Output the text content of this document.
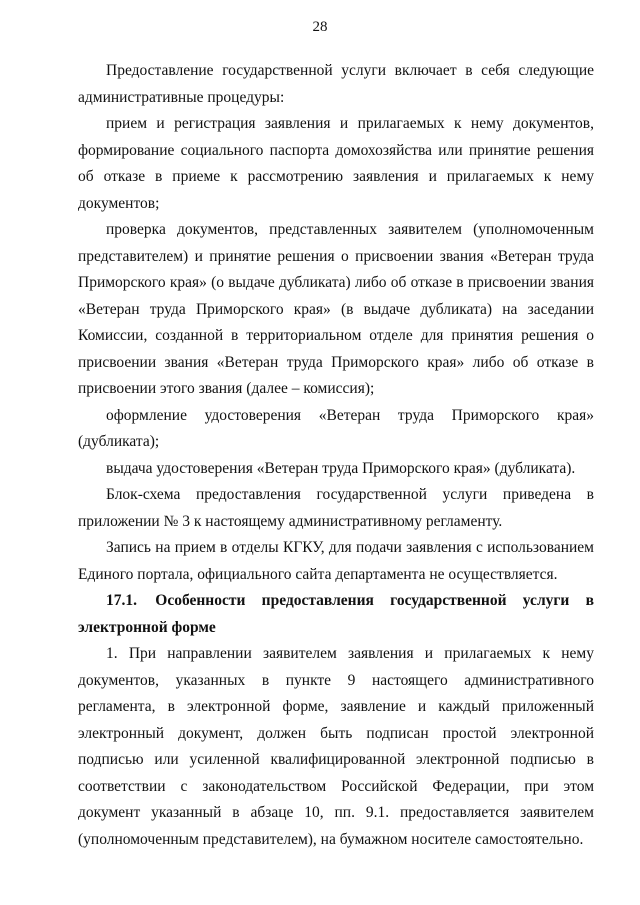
28

Предоставление государственной услуги включает в себя следующие административные процедуры:

прием и регистрация заявления и прилагаемых к нему документов, формирование социального паспорта домохозяйства или принятие решения об отказе в приеме к рассмотрению заявления и прилагаемых к нему документов;

проверка документов, представленных заявителем (уполномоченным представителем) и принятие решения о присвоении звания «Ветеран труда Приморского края» (о выдаче дубликата) либо об отказе в присвоении звания «Ветеран труда Приморского края» (в выдаче дубликата) на заседании Комиссии, созданной в территориальном отделе для принятия решения о присвоении звания «Ветеран труда Приморского края» либо об отказе в присвоении этого звания (далее – комиссия);

оформление удостоверения «Ветеран труда Приморского края» (дубликата);

выдача удостоверения «Ветеран труда Приморского края» (дубликата).

Блок-схема предоставления государственной услуги приведена в приложении № 3 к настоящему административному регламенту.

Запись на прием в отделы КГКУ, для подачи заявления с использованием Единого портала, официального сайта департамента не осуществляется.

17.1. Особенности предоставления государственной услуги в электронной форме

1. При направлении заявителем заявления и прилагаемых к нему документов, указанных в пункте 9 настоящего административного регламента, в электронной форме, заявление и каждый приложенный электронный документ, должен быть подписан простой электронной подписью или усиленной квалифицированной электронной подписью в соответствии с законодательством Российской Федерации, при этом документ указанный в абзаце 10, пп. 9.1. предоставляется заявителем (уполномоченным представителем), на бумажном носителе самостоятельно.
